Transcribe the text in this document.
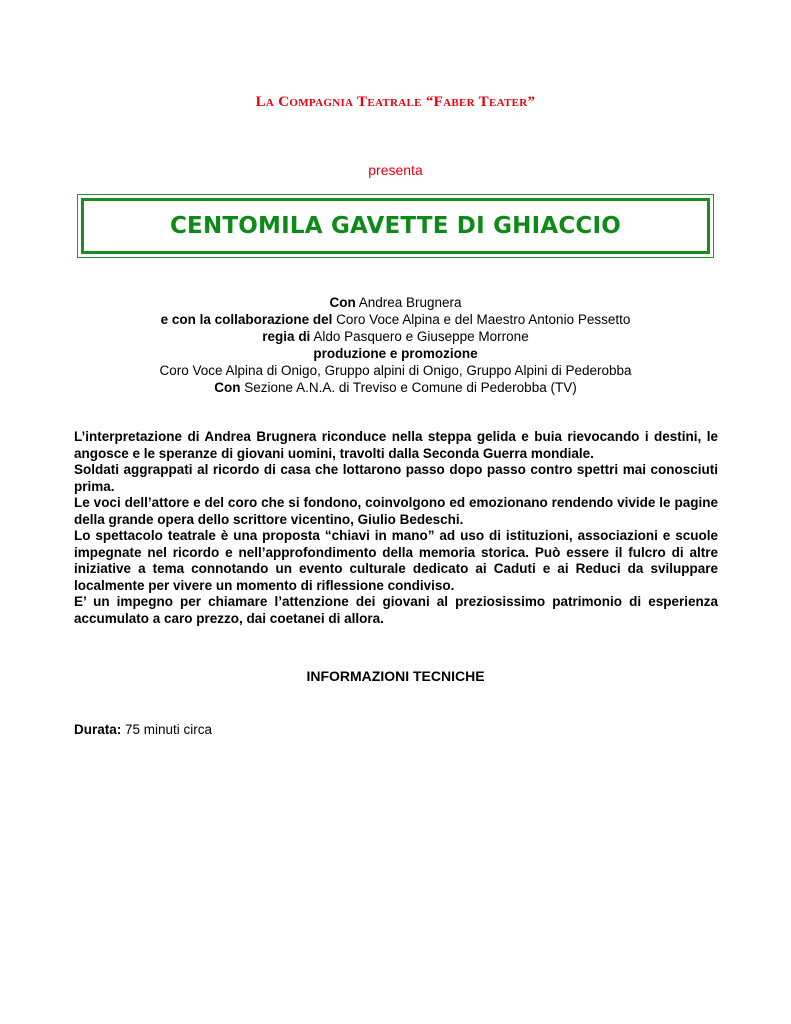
La Compagnia Teatrale “Faber Teater”
presenta
CENTOMILA GAVETTE DI GHIACCIO
Con Andrea Brugnera
e con la collaborazione del Coro Voce Alpina e del Maestro Antonio Pessetto
regia di Aldo Pasquero e Giuseppe Morrone
produzione e promozione
Coro Voce Alpina di Onigo, Gruppo alpini di Onigo, Gruppo Alpini di Pederobba
Con Sezione A.N.A. di Treviso e Comune di Pederobba (TV)

L’interpretazione di Andrea Brugnera riconduce nella steppa gelida e buia rievocando i destini, le angosce e le speranze di giovani uomini, travolti dalla Seconda Guerra mondiale.

Soldati aggrappati al ricordo di casa che lottarono passo dopo passo contro spettri mai conosciuti prima.

Le voci dell’attore e del coro che si fondono, coinvolgono ed emozionano rendendo vivide le pagine della grande opera dello scrittore vicentino, Giulio Bedeschi.

Lo spettacolo teatrale è una proposta “chiavi in mano” ad uso di istituzioni, associazioni e scuole impegnate nel ricordo e nell’approfondimento della memoria storica. Può essere il fulcro di altre iniziative a tema connotando un evento culturale dedicato ai Caduti e ai Reduci da sviluppare localmente per vivere un momento di riflessione condiviso.

E’ un impegno per chiamare l’attenzione dei giovani al preziosissimo patrimonio di esperienza accumulato a caro prezzo, dai coetanei di allora.

INFORMAZIONI TECNICHE
Durata: 75 minuti circa
